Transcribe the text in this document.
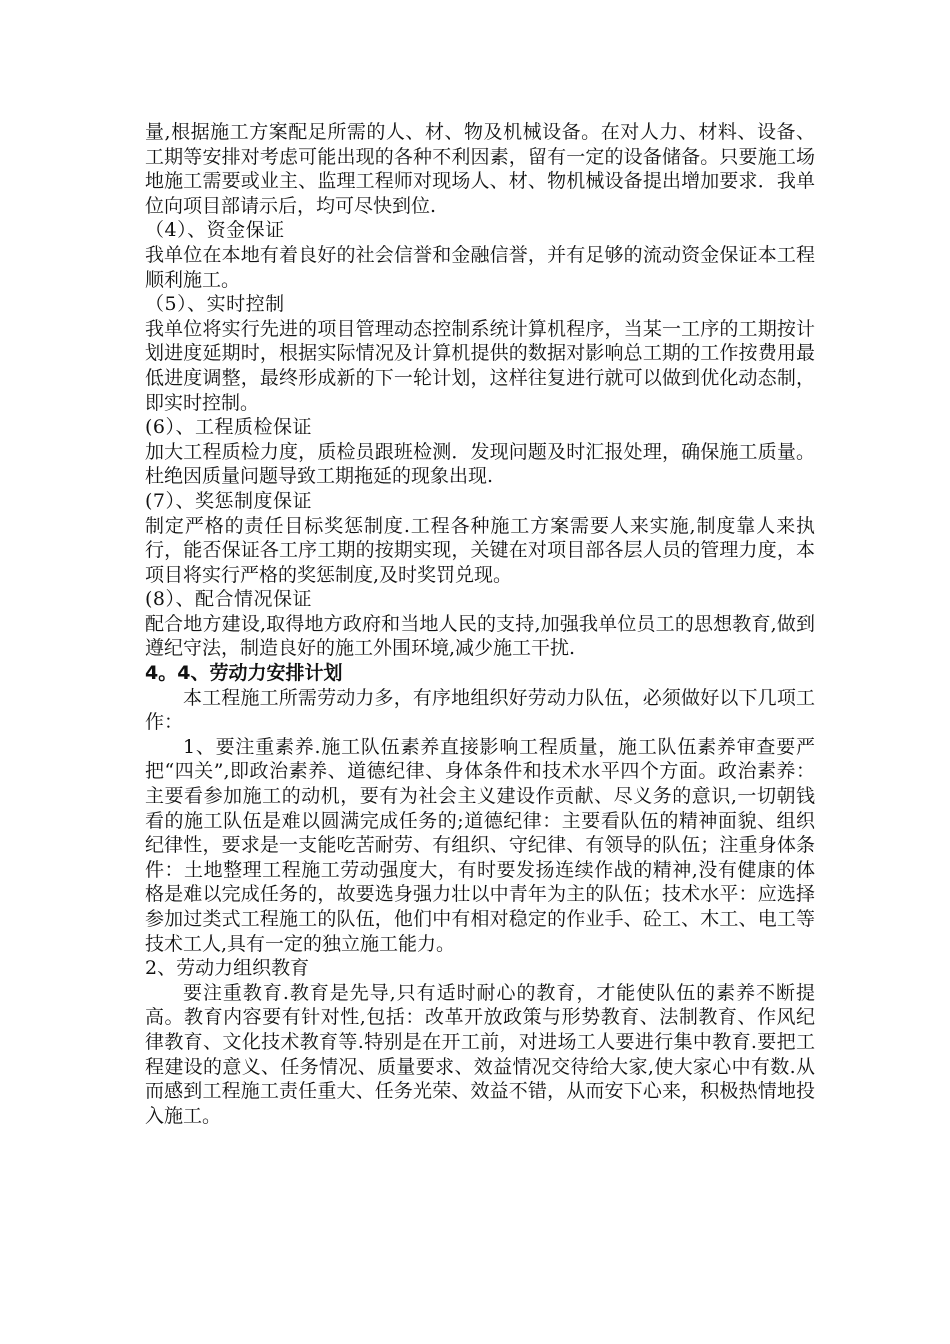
量,根据施工方案配足所需的人、材、物及机械设备。在对人力、材料、设备、工期等安排对考虑可能出现的各种不利因素，留有一定的设备储备。只要施工场地施工需要或业主、监理工程师对现场人、材、物机械设备提出增加要求．我单位向项目部请示后，均可尽快到位.

（4）、资金保证

我单位在本地有着良好的社会信誉和金融信誉，并有足够的流动资金保证本工程顺利施工。

（5）、实时控制

我单位将实行先进的项目管理动态控制系统计算机程序，当某一工序的工期按计划进度延期时，根据实际情况及计算机提供的数据对影响总工期的工作按费用最低进度调整，最终形成新的下一轮计划，这样往复进行就可以做到优化动态制，即实时控制。

(6）、工程质检保证

加大工程质检力度，质检员跟班检测．发现问题及时汇报处理，确保施工质量。杜绝因质量问题导致工期拖延的现象出现.

(7）、奖惩制度保证

制定严格的责任目标奖惩制度.工程各种施工方案需要人来实施,制度靠人来执行，能否保证各工序工期的按期实现，关键在对项目部各层人员的管理力度，本项目将实行严格的奖惩制度,及时奖罚兑现。

(8）、配合情况保证

配合地方建设,取得地方政府和当地人民的支持,加强我单位员工的思想教育,做到遵纪守法，制造良好的施工外围环境,减少施工干扰.

4。4、劳动力安排计划

本工程施工所需劳动力多，有序地组织好劳动力队伍，必须做好以下几项工作：

1、要注重素养.施工队伍素养直接影响工程质量，施工队伍素养审查要严把“四关”,即政治素养、道德纪律、身体条件和技术水平四个方面。政治素养：主要看参加施工的动机，要有为社会主义建设作贡献、尽义务的意识,一切朝钱看的施工队伍是难以圆满完成任务的;道德纪律：主要看队伍的精神面貌、组织纪律性，要求是一支能吃苦耐劳、有组织、守纪律、有领导的队伍；注重身体条件：土地整理工程施工劳动强度大，有时要发扬连续作战的精神,没有健康的体格是难以完成任务的，故要选身强力壮以中青年为主的队伍；技术水平：应选择参加过类式工程施工的队伍，他们中有相对稳定的作业手、砼工、木工、电工等技术工人,具有一定的独立施工能力。

2、劳动力组织教育

要注重教育.教育是先导,只有适时耐心的教育，才能使队伍的素养不断提高。教育内容要有针对性,包括：改革开放政策与形势教育、法制教育、作风纪律教育、文化技术教育等.特别是在开工前，对进场工人要进行集中教育.要把工程建设的意义、任务情况、质量要求、效益情况交待给大家,使大家心中有数.从而感到工程施工责任重大、任务光荣、效益不错，从而安下心来，积极热情地投入施工。
